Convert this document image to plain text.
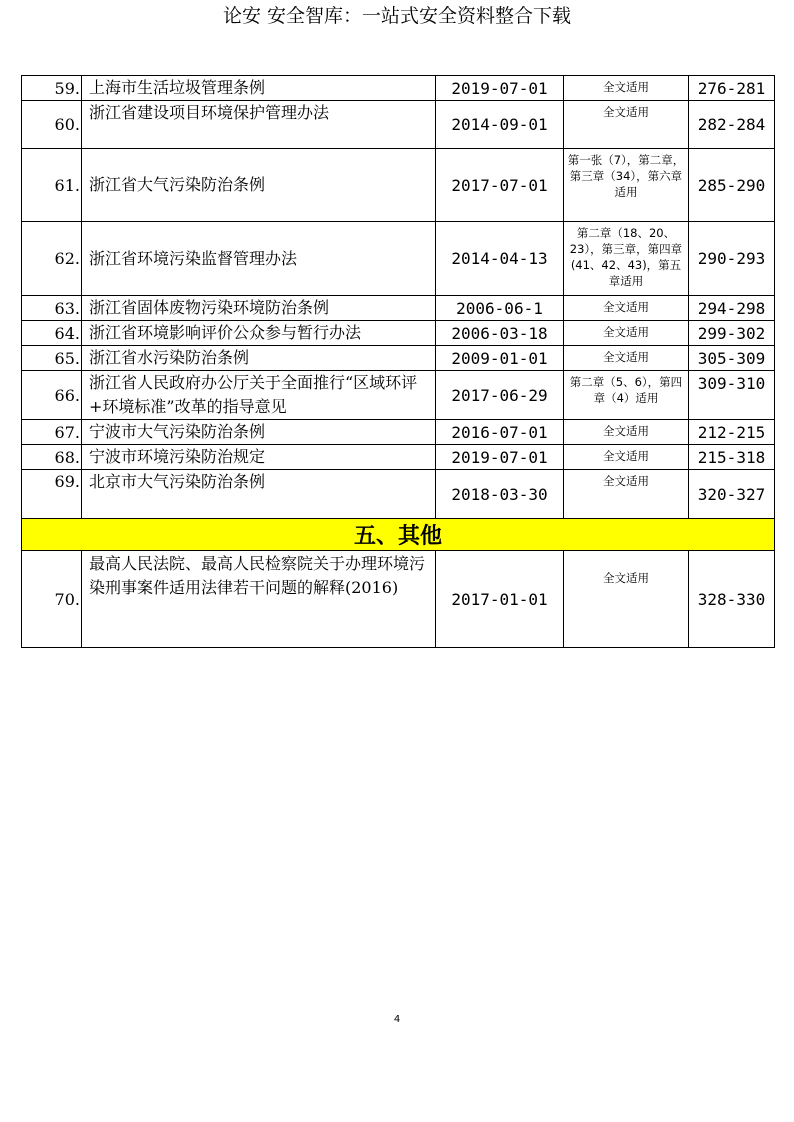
论安 安全智库：一站式安全资料整合下载
59.	上海市生活垃圾管理条例	2019-07-01	全文适用	276-281
60.	浙江省建设项目环境保护管理办法	2014-09-01	全文适用	282-284
61.	浙江省大气污染防治条例	2017-07-01	第一张（7），第二章，第三章（34），第六章适用	285-290
62.	浙江省环境污染监督管理办法	2014-04-13	第二章（18、20、23），第三章，第四章(41、42、43)，第五章适用	290-293
63.	浙江省固体废物污染环境防治条例	2006-06-1	全文适用	294-298
64.	浙江省环境影响评价公众参与暂行办法	2006-03-18	全文适用	299-302
65.	浙江省水污染防治条例	2009-01-01	全文适用	305-309
66.	浙江省人民政府办公厅关于全面推行“区域环评+环境标准”改革的指导意见	2017-06-29	第二章（5、6），第四章（4）适用	309-310
67.	宁波市大气污染防治条例	2016-07-01	全文适用	212-215
68.	宁波市环境污染防治规定	2019-07-01	全文适用	215-318
69.	北京市大气污染防治条例	2018-03-30	全文适用	320-327
五、其他				
70.	最高人民法院、最高人民检察院关于办理环境污染刑事案件适用法律若干问题的解释(2016)	2017-01-01	全文适用	328-330
4
